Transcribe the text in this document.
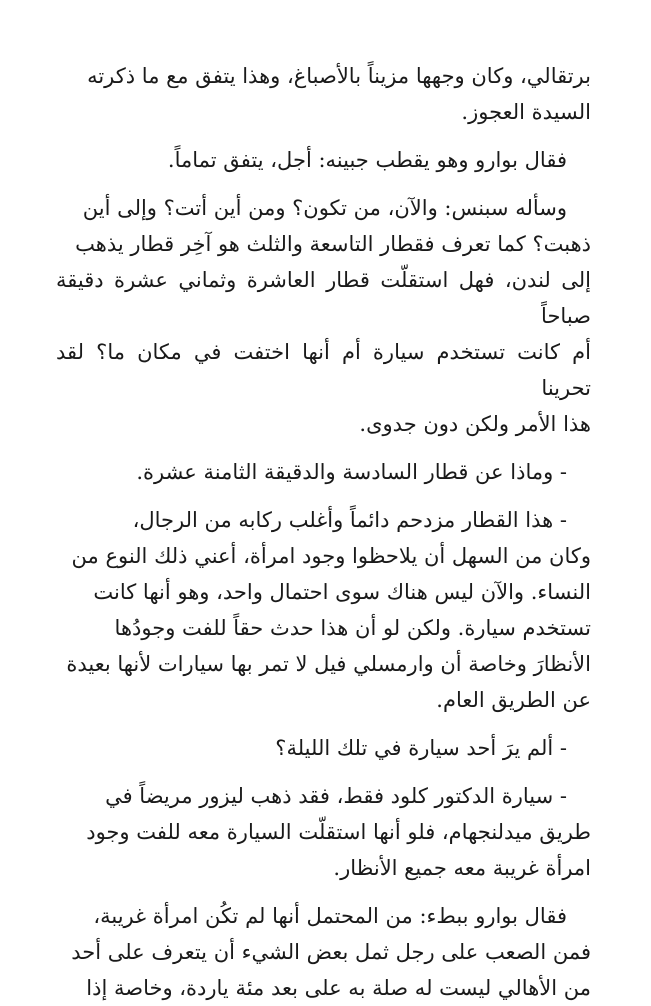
برتقالي، وكان وجهها مزيناً بالأصباغ، وهذا يتفق مع ما ذكرته
السيدة العجوز.

فقال بوارو وهو يقطب جبينه: أجل، يتفق تماماً.

وسأله سبنس: والآن، من تكون؟ ومن أين أتت؟ وإلى أين
ذهبت؟ كما تعرف فقطار التاسعة والثلث هو آخِر قطار يذهب
إلى لندن، فهل استقلّت قطار العاشرة وثماني عشرة دقيقة صباحاً
أم كانت تستخدم سيارة أم أنها اختفت في مكان ما؟ لقد تحرينا
هذا الأمر ولكن دون جدوى.

- وماذا عن قطار السادسة والدقيقة الثامنة عشرة.

- هذا القطار مزدحم دائماً وأغلب ركابه من الرجال،
وكان من السهل أن يلاحظوا وجود امرأة، أعني ذلك النوع من
النساء. والآن ليس هناك سوى احتمال واحد، وهو أنها كانت
تستخدم سيارة. ولكن لو أن هذا حدث حقاً للفت وجودُها
الأنظارَ وخاصة أن وارمسلي فيل لا تمر بها سيارات لأنها بعيدة
عن الطريق العام.

- ألم يرَ أحد سيارة في تلك الليلة؟

- سيارة الدكتور كلود فقط، فقد ذهب ليزور مريضاً في
طريق ميدلنجهام، فلو أنها استقلّت السيارة معه للفت وجود
امرأة غريبة معه جميع الأنظار.

فقال بوارو ببطء: من المحتمل أنها لم تكُن امرأة غريبة،
فمن الصعب على رجل ثمل بعض الشيء أن يتعرف على أحد
من الأهالي ليست له صلة به على بعد مئة ياردة، وخاصة إذا
